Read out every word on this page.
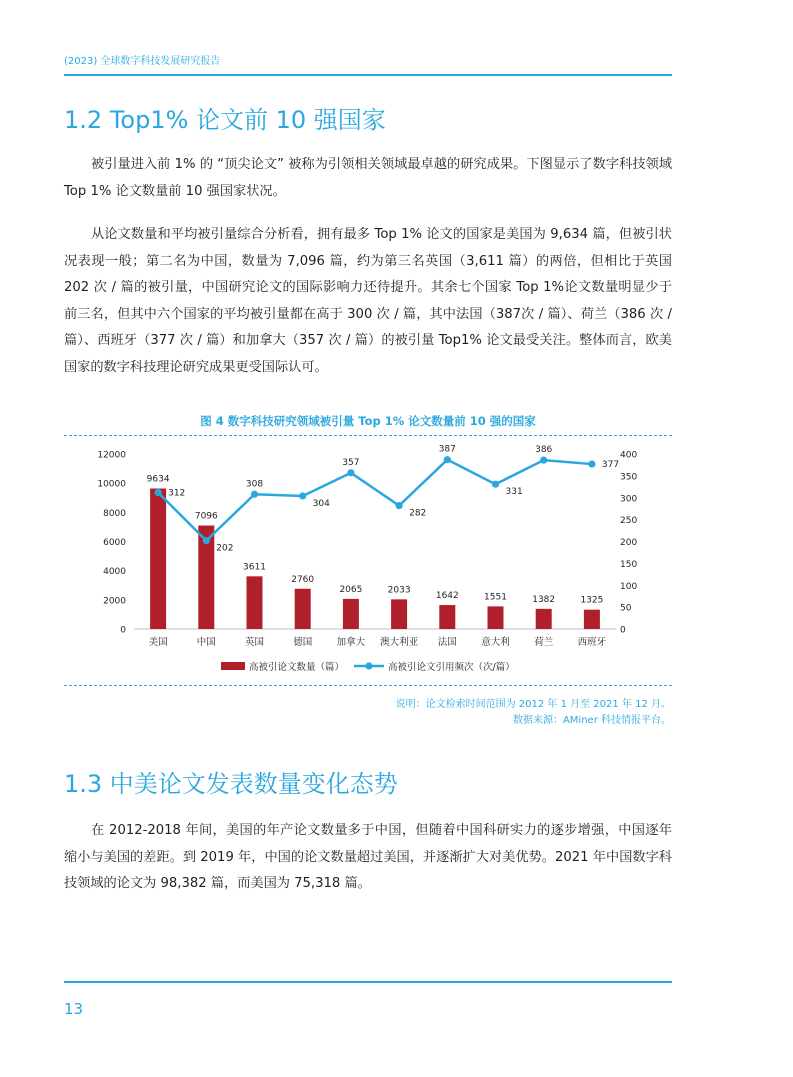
(2023) 全球数字科技发展研究报告
1.2 Top1% 论文前 10 强国家

被引量进入前 1% 的 “顶尖论文” 被称为引领相关领域最卓越的研究成果。下图显示了数字科技领域 Top 1% 论文数量前 10 强国家状况。

从论文数量和平均被引量综合分析看，拥有最多 Top 1% 论文的国家是美国为 9,634 篇，但被引状况表现一般；第二名为中国，数量为 7,096 篇，约为第三名英国（3,611 篇）的两倍，但相比于英国 202 次 / 篇的被引量，中国研究论文的国际影响力还待提升。其余七个国家 Top 1%论文数量明显少于前三名，但其中六个国家的平均被引量都在高于 300 次 / 篇，其中法国（387次 / 篇）、荷兰（386 次 / 篇）、西班牙（377 次 / 篇）和加拿大（357 次 / 篇）的被引量 Top1% 论文最受关注。整体而言，欧美国家的数字科技理论研究成果更受国际认可。

图 4 数字科技研究领域被引量 Top 1% 论文数量前 10 强的国家
0
2000
4000
6000
8000
10000
12000
0
50
100
150
200
250
300
350
400
9634
7096
3611
2760
2065	2033
1642	1551	1382	1325
312
202
308
304
357
282
387
331
386
377
美国	中国	英国	德国	加拿大 澳大利亚 法国	意大利	荷兰	西班牙
高被引论文数量（篇）	高被引论文引用频次（次/篇）
说明：论文检索时间范围为 2012 年 1 月至 2021 年 12 月。
数据来源：AMiner 科技情报平台。
1.3 中美论文发表数量变化态势

在 2012-2018 年间，美国的年产论文数量多于中国，但随着中国科研实力的逐步增强，中国逐年缩小与美国的差距。到 2019 年，中国的论文数量超过美国，并逐渐扩大对美优势。2021 年中国数字科技领域的论文为 98,382 篇，而美国为 75,318 篇。

13
